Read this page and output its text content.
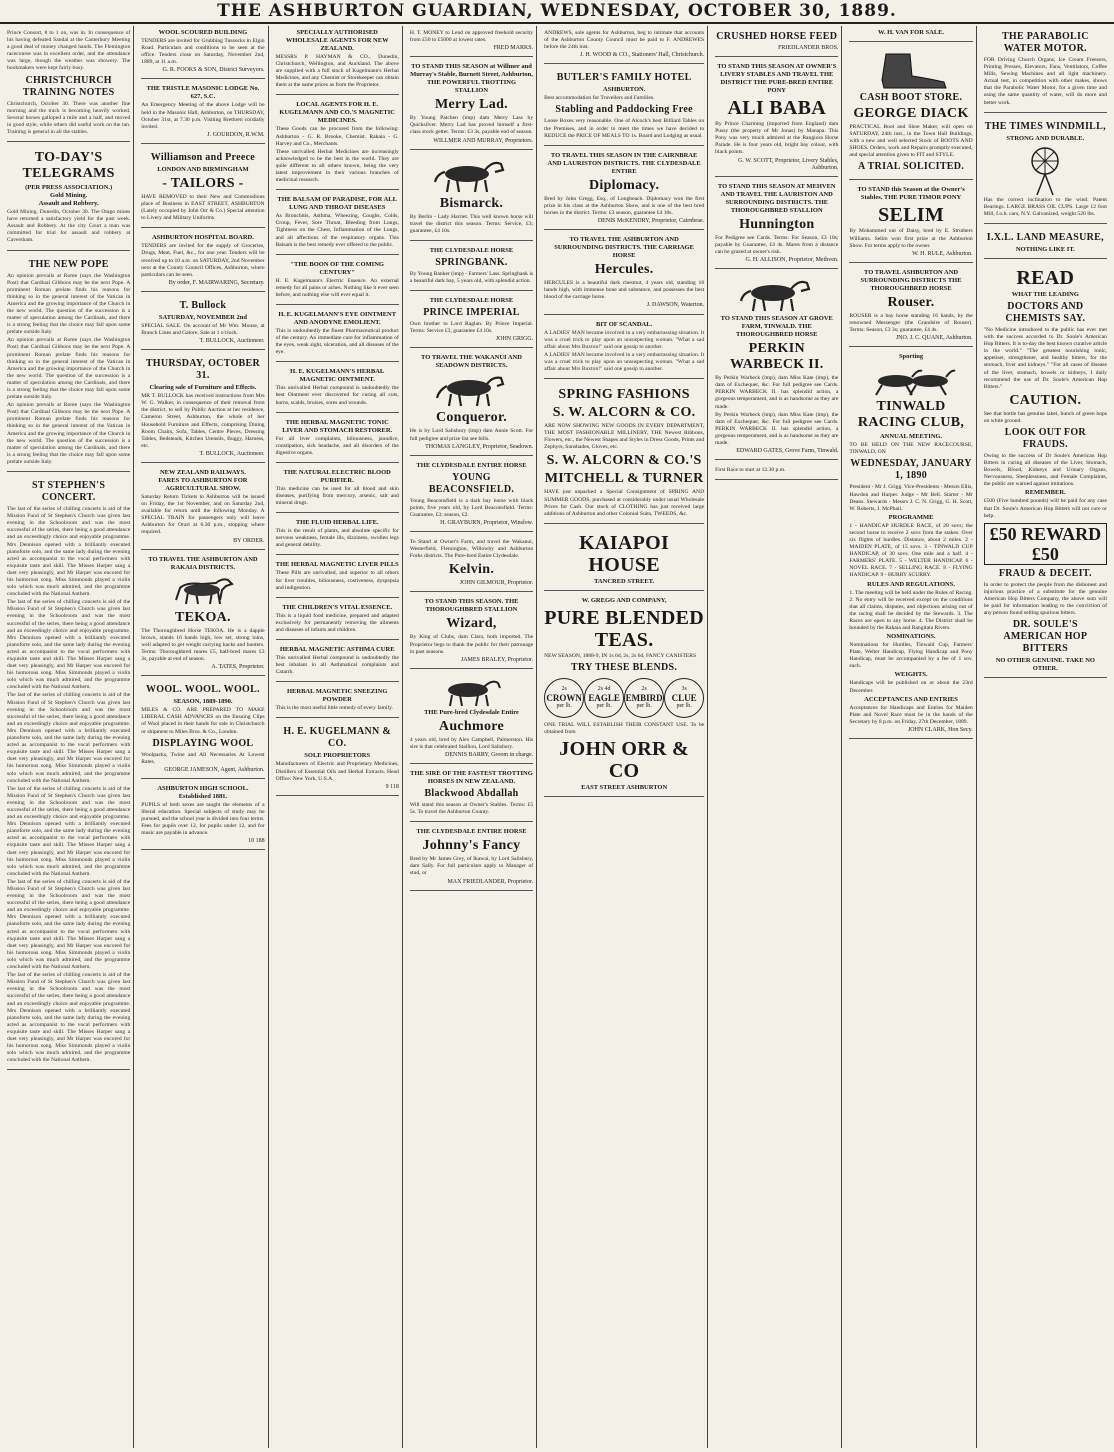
THE ASHBURTON GUARDIAN, WEDNESDAY, OCTOBER 30, 1889.

Prince Consort, 8 to 1 on, was in. In consequence of his having defeated Sandal at the Canterbury Meeting a good deal of money changed hands. The Flemington racecourse was in excellent order, and the attendance was large, though the weather was showery. The bookmakers were kept fairly busy.

CHRISTCHURCH TRAINING NOTES

Christchurch, October 30. There was another fine morning and the track is becoming heavily worked. Several horses galloped a mile and a half, and moved in good style, while others did useful work on the tan. Training is general in all the stables.

TO-DAY'S TELEGRAMS
(PER PRESS ASSOCIATION.)
Gold Mining.
Assault and Robbery.

Gold Mining. Dunedin, October 30. The Otago mines have returned a satisfactory yield for the past week. Assault and Robbery. At the city Court a man was committed for trial for assault and robbery at Caversham.

THE NEW POPE

An opinion prevails at Rome (says the Washington Post) that Cardinal Gibbons may be the next Pope. A prominent Roman prelate finds his reasons for thinking so in the general interest of the Vatican in America and the growing importance of the Church in the new world. The question of the succession is a matter of speculation among the Cardinals, and there is a strong feeling that the choice may fall upon some prelate outside Italy.

An opinion prevails at Rome (says the Washington Post) that Cardinal Gibbons may be the next Pope. A prominent Roman prelate finds his reasons for thinking so in the general interest of the Vatican in America and the growing importance of the Church in the new world. The question of the succession is a matter of speculation among the Cardinals, and there is a strong feeling that the choice may fall upon some prelate outside Italy.

An opinion prevails at Rome (says the Washington Post) that Cardinal Gibbons may be the next Pope. A prominent Roman prelate finds his reasons for thinking so in the general interest of the Vatican in America and the growing importance of the Church in the new world. The question of the succession is a matter of speculation among the Cardinals, and there is a strong feeling that the choice may fall upon some prelate outside Italy.

ST STEPHEN'S CONCERT.

The last of the series of chilling concerts is aid of the Mission Fund of St Stephen's Church was given last evening in the Schoolroom and was the most successful of the series, there being a good attendance and an exceedingly choice and enjoyable programme. Mrs Dennison opened with a brilliantly executed pianoforte solo, and the same lady during the evening acted as accompanist to the vocal performers with exquisite taste and skill. The Misses Harper sang a duet very pleasingly, and Mr Harper was encored for his humorous song. Miss Simmonds played a violin solo which was much admired, and the programme concluded with the National Anthem.

The last of the series of chilling concerts is aid of the Mission Fund of St Stephen's Church was given last evening in the Schoolroom and was the most successful of the series, there being a good attendance and an exceedingly choice and enjoyable programme. Mrs Dennison opened with a brilliantly executed pianoforte solo, and the same lady during the evening acted as accompanist to the vocal performers with exquisite taste and skill. The Misses Harper sang a duet very pleasingly, and Mr Harper was encored for his humorous song. Miss Simmonds played a violin solo which was much admired, and the programme concluded with the National Anthem.

The last of the series of chilling concerts is aid of the Mission Fund of St Stephen's Church was given last evening in the Schoolroom and was the most successful of the series, there being a good attendance and an exceedingly choice and enjoyable programme. Mrs Dennison opened with a brilliantly executed pianoforte solo, and the same lady during the evening acted as accompanist to the vocal performers with exquisite taste and skill. The Misses Harper sang a duet very pleasingly, and Mr Harper was encored for his humorous song. Miss Simmonds played a violin solo which was much admired, and the programme concluded with the National Anthem.

The last of the series of chilling concerts is aid of the Mission Fund of St Stephen's Church was given last evening in the Schoolroom and was the most successful of the series, there being a good attendance and an exceedingly choice and enjoyable programme. Mrs Dennison opened with a brilliantly executed pianoforte solo, and the same lady during the evening acted as accompanist to the vocal performers with exquisite taste and skill. The Misses Harper sang a duet very pleasingly, and Mr Harper was encored for his humorous song. Miss Simmonds played a violin solo which was much admired, and the programme concluded with the National Anthem.

The last of the series of chilling concerts is aid of the Mission Fund of St Stephen's Church was given last evening in the Schoolroom and was the most successful of the series, there being a good attendance and an exceedingly choice and enjoyable programme. Mrs Dennison opened with a brilliantly executed pianoforte solo, and the same lady during the evening acted as accompanist to the vocal performers with exquisite taste and skill. The Misses Harper sang a duet very pleasingly, and Mr Harper was encored for his humorous song. Miss Simmonds played a violin solo which was much admired, and the programme concluded with the National Anthem.

The last of the series of chilling concerts is aid of the Mission Fund of St Stephen's Church was given last evening in the Schoolroom and was the most successful of the series, there being a good attendance and an exceedingly choice and enjoyable programme. Mrs Dennison opened with a brilliantly executed pianoforte solo, and the same lady during the evening acted as accompanist to the vocal performers with exquisite taste and skill. The Misses Harper sang a duet very pleasingly, and Mr Harper was encored for his humorous song. Miss Simmonds played a violin solo which was much admired, and the programme concluded with the National Anthem.

WOOL SCOURED BUILDING

TENDERS are invited for Grubbing Tussocks in Elgin Road. Particulars and conditions to be seen at the office. Tenders close on Saturday, November 2nd, 1889, at 11 a.m.

G. R. FOOKS & SON, District Surveyors.
THE TRISTLE MASONIC LODGE No. 627, S.C.

An Emergency Meeting of the above Lodge will be held in the Masonic Hall, Ashburton, on THURSDAY, October 31st, at 7.30 p.m. Visiting Brethren cordially invited.

J. GOURDON, R.W.M.
Williamson and Preece
LONDON AND BIRMINGHAM
- TAILORS -

HAVE REMOVED to their New and Commodious place of Business in EAST STREET, ASHBURTON (Lately occupied by John Orr & Co.) Special attention to Livery and Military Uniforms.

ASHBURTON HOSPITAL BOARD.

TENDERS are invited for the supply of Groceries, Drugs, Meat, Fuel, &c., for one year. Tenders will be received up to 10 a.m. on SATURDAY, 2nd November next at the County Council Offices, Ashburton, where particulars can be seen.

By order, F. MAIRWARING, Secretary.
T. Bullock
SATURDAY, NOVEMBER 2nd

SPECIAL SALE. On account of Mr Wm. Mouse, at Branch Lines and Galore, Sale at 1 o'clock.

T. BULLOCK, Auctioneer.
THURSDAY, OCTOBER 31.
Clearing sale of Furniture and Effects.

MR T. BULLOCK has received instructions from Mrs W. G. Walker, in consequence of their removal from the district, to sell by Public Auction at her residence, Cameron Street, Ashburton, the whole of her Household Furniture and Effects, comprising Dining Room Chairs, Sofa, Tables, Centre Pieces, Dressing Tables, Bedsteads, Kitchen Utensils, Buggy, Harness, etc.

T. BULLOCK, Auctioneer.
NEW ZEALAND RAILWAYS.
FARES TO ASHBURTON FOR AGRICULTURAL SHOW.

Saturday Return Tickets to Ashburton will be issued on Friday, the 1st November, and on Saturday 2nd, available for return until the following Monday. A SPECIAL TRAIN for passengers only will leave Ashburton for Orari at 6.30 p.m., stopping where required.

BY ORDER.
TO TRAVEL THE ASHBURTON AND RAKAIA DISTRICTS.
TEKOA.

The Thoroughbred Horse TEKOA. He is a dapple brown, stands 16 hands high, low set, strong loins, well adapted to get weight carrying hacks and hunters. Terms: Thoroughbred mares £5, half-bred mares £3 3s, payable at end of season.

A. TATES, Proprietor.
WOOL. WOOL. WOOL.
SEASON, 1889-1890.

MILES & CO. ARE PREPARED TO MAKE LIBERAL CASH ADVANCES on the Ensuing Clips of Wool placed in their hands for sale in Christchurch or shipment to Miles Bros. & Co., London.

DISPLAYING WOOL

Woolpacks, Twine and All Necessaries At Lowest Rates.

GEORGE JAMESON, Agent, Ashburton.
ASHBURTON HIGH SCHOOL.
Established 1881.

PUPILS of both sexes are taught the elements of a liberal education. Special subjects of study may be pursued, and the school year is divided into four terms. Fees for pupils over 12, for pupils under 12, and for music are payable in advance.

10 188
SPECIALLY AUTHORISED WHOLESALE AGENTS FOR NEW ZEALAND.

MESSRS P. HAYMAN & CO., Dunedin, Christchurch, Wellington, and Auckland. The above are supplied with a full stock of Kugelmann's Herbal Medicines, and any Chemist or Storekeeper can obtain them at the same prices as from the Proprietor.

LOCAL AGENTS FOR H. E. KUGELMANN AND CO.'S MAGNETIC MEDICINES.

These Goods can be procured from the following: Ashburton - G. R. Brooke, Chemist. Rakaia - G. Harvey and Co., Merchants.

These unrivalled Herbal Medicines are increasingly acknowledged to be the best in the world. They are quite different to all others known, being the very latest improvement in their various branches of medicinal research.

THE BALSAM OF PARADISE, FOR ALL LUNG AND THROAT DISEASES

As Bronchitis, Asthma, Wheezing, Coughs, Colds, Croup, Fever, Sore Throat, Bleeding from Lungs, Tightness on the Chest, Inflammation of the Lungs, and all affections of the respiratory organs. This Balsam is the best remedy ever offered to the public.

"THE BOON OF THE COMING CENTURY"

H. E. Kugelmann's Electric Essence. An external remedy for all pains or aches. Nothing like it ever seen before, and nothing else will ever equal it.

H. E. KUGELMANN'S EYE OINTMENT AND ANODYNE EMOLIENT.

This is undoubtedly the finest Pharmaceutical product of the century. An immediate cure for inflammation of the eyes, weak sight, ulceration, and all diseases of the eye.

H. E. KUGELMANN'S HERBAL MAGNETIC OINTMENT.

This unrivalled Herbal compound is undoubtedly the best Ointment ever discovered for curing all cuts, burns, scalds, bruises, sores and wounds.

THE HERBAL MAGNETIC TONIC LIVER AND STOMACH RESTORER.

For all liver complaints, biliousness, jaundice, constipation, sick headache, and all disorders of the digestive organs.

THE NATURAL ELECTRIC BLOOD PURIFIER.

This medicine can be used for all blood and skin diseases, purifying from mercury, arsenic, salt and mineral drugs.

THE FLUID HERBAL LIFE.

This is the result of plants, and absolute specific for nervous weakness, female ills, dizziness, swollen legs and general debility.

THE HERBAL MAGNETIC LIVER PILLS

These Pills are unrivalled, and superior to all others for liver troubles, biliousness, costiveness, dyspepsia and indigestion.

THE CHILDREN'S VITAL ESSENCE.

This is a liquid food medicine, prepared and adapted exclusively for permanently removing the ailments and diseases of infants and children.

HERBAL MAGNETIC ASTHMA CURE

This unrivalled Herbal compound is undoubtedly the best inhalant in all Asthmatical complaints and Catarrh.

HERBAL MAGNETIC SNEEZING POWDER

This is the most useful little remedy of every family.

H. E. KUGELMANN & CO.
SOLE PROPRIETORS

Manufacturers of Electric and Proprietary Medicines, Distillers of Essential Oils and Herbal Extracts. Head Office: New York, U.S.A.

9 118

H. T. MONEY to Lend on approved freehold security from £50 to £5000 at lowest rates.

FRED MARKS.
TO STAND THIS SEASON at Willmer and Murray's Stable, Burnett Street, Ashburton, THE POWERFUL TROTTING STALLION
Merry Lad.

By Young Patchen (imp) dam Merry Lass by Quicksilver. Merry Lad has proved himself a first-class stock getter. Terms: £3 3s, payable end of season.

WILLMER AND MURRAY, Proprietors.
Bismarck.

By Berlin - Lady Harriet. This well known horse will travel the district this season. Terms: Service, £3; guarantee, £4 10s.

THE CLYDESDALE HORSE
SPRINGBANK.

By Young Banker (imp) - Farmers' Lass. Springbank is a beautiful dark bay, 5 years old, with splendid action.

THE CLYDESDALE HORSE
PRINCE IMPERIAL

Own brother to Lord Raglan. By Prince Imperial. Terms: Service £3, guarantee £4 10s.

JOHN GRIGG.
TO TRAVEL THE WAKANUI AND SEADOWN DISTRICTS.
Conqueror.

He is by Lord Salisbury (imp) dam Annie Scott. For full pedigree and prize list see bills.

THOMAS LANGLEY, Proprietor, Seadown.
THE CLYDESDALE ENTIRE HORSE
YOUNG BEACONSFIELD.

Young Beaconsfield is a dark bay horse with black points, five years old, by Lord Beaconsfield. Terms: Guarantee, £3; season, £2.

H. GRAYBURN, Proprietor, Winslow.

To Stand at Owner's Farm, and travel the Wakanui, Westerfield, Flemington, Willowby and Ashburton Forks districts. The Pure-bred Entire Clydesdale.

Kelvin.
JOHN GILMOUR, Proprietor.
TO STAND THIS SEASON. THE THOROUGHBRED STALLION
Wizard,

By King of Clubs, dam Clara, both imported. The Proprietor begs to thank the public for their patronage in past seasons.

JAMES BRALEY, Proprietor.
THE Pure-bred Clydesdale Entire
Auchmore

4 years old, bred by Alex Campbell, Palmerston. His sire is that celebrated Stallion, Lord Salisbury.

DENNIS BARRY, Groom in charge.
THE SIRE OF THE FASTEST TROTTING HORSES IN NEW ZEALAND.
Blackwood Abdallah

Will stand this season at Owner's Stables. Terms: £5 5s. To travel the Ashburton County.

THE CLYDESDALE ENTIRE HORSE
Johnny's Fancy

Bred by Mr James Grey, of Ikawai, by Lord Salisbury, dam Sally. For full particulars apply to Manager of stud, or

MAX FRIEDLANDER, Proprietor.

ANDREWS, sole agents for Ashburton, beg to intimate that accounts of the Ashburton County Council must be paid to F. ANDREWES before the 24th inst.

J. H. WOOD & CO., Stationers' Hall, Christchurch.
BUTLER'S FAMILY HOTEL
ASHBURTON.

Best accommodation for Travellers and Families.

Stabling and Paddocking Free

Loose Boxes very reasonable. One of Alcock's best Billiard Tables on the Premises, and in order to meet the times we have decided to REDUCE the PRICE OF MEALS TO 1s. Board and Lodging as usual.

TO TRAVEL THIS SEASON IN THE CAIRNBRAE AND LAURISTON DISTRICTS. THE CLYDESDALE ENTIRE
Diplomacy.

Bred by John Gregg, Esq., of Longbeach. Diplomacy won the first prize in his class at the Ashburton Show, and is one of the best bred horses in the district. Terms: £3 season, guarantee £4 10s.

DENIS McKENDRY, Proprietor, Cairnbrae.
TO TRAVEL THE ASHBURTON AND SURROUNDING DISTRICTS. THE CARRIAGE HORSE
Hercules.

HERCULES is a beautiful dark chestnut, 4 years old, standing 16 hands high, with immense bone and substance, and possesses the best blood of the carriage horse.

J. DAWSON, Waterton.
BIT OF SCANDAL.

A LADIES' MAN became involved in a very embarrassing situation. It was a cruel trick to play upon an unsuspecting woman. "What a sad affair about Mrs Buxton!" said one gossip to another.

A LADIES' MAN became involved in a very embarrassing situation. It was a cruel trick to play upon an unsuspecting woman. "What a sad affair about Mrs Buxton!" said one gossip to another.

SPRING FASHIONS
S. W. ALCORN & CO.

ARE NOW SHOWING NEW GOODS IN EVERY DEPARTMENT, THE MOST FASHIONABLE MILLINERY, THE Newest Ribbons, Flowers, etc., the Newest Shapes and Styles in Dress Goods, Prints and Zephyrs, Sunshades, Gloves, etc.

S. W. ALCORN & CO.'S
MITCHELL & TURNER

HAVE just unpacked a Special Consignment of SPRING AND SUMMER GOODS, purchased at considerably under usual Wholesale Prices for Cash. Our stock of CLOTHING has just received large additions of Ashburton and other Colonial Suits, TWEEDS, &c.

KAIAPOI HOUSE
TANCRED STREET.
W. GREGG AND COMPANY,
PURE BLENDED TEAS.

NEW SEASON, 1888-9, IN 1s 6d, 2s, 2s 6d, FANCY CANISTERS

TRY THESE BLENDS.
2s
CROWN
per lb.
2s 4d
EAGLE
per lb.
2s
EMBIRD
per lb.
3s
CLUE
per lb.

ONE TRIAL WILL ESTABLISH THEIR CONSTANT USE. To be obtained from

JOHN ORR & CO
EAST STREET ASHBURTON
CRUSHED HORSE FEED
FRIEDLANDER BROS.
TO STAND THIS SEASON AT OWNER'S LIVERY STABLES AND TRAVEL THE DISTRICT THE PURE-BRED ENTIRE PONY
ALI BABA

By Prince Charming (imported from England) dam Pussy (the property of Mr Jonas) by Manapa. This Pony was very much admired at the Rangiora Horse Parade. He is four years old, bright bay colour, with black points.

G. W. SCOTT, Proprietor, Livery Stables, Ashburton.
TO STAND THIS SEASON AT MEHVEN AND TRAVEL THE LAURISTON AND SURROUNDING DISTRICTS. THE THOROUGHBRED STALLION
Hunnington

For Pedigree see Cards. Terms: For Season, £3 10s; payable by Guarantee, £4 4s. Mares from a distance can be grazed at owner's risk.

G. H. ALLISON, Proprietor, Methven.
TO STAND THIS SEASON AT GROVE FARM, TINWALD. THE THOROUGHBRED HORSE
PERKIN WARBECK II.

By Perkin Warbeck (imp), dam Miss Kate (imp), the dam of Exchequer, &c. For full pedigree see Cards. PERKIN WARBECK II. has splendid action, a gorgeous temperament, and is as handsome as they are made.

By Perkin Warbeck (imp), dam Miss Kate (imp), the dam of Exchequer, &c. For full pedigree see Cards. PERKIN WARBECK II. has splendid action, a gorgeous temperament, and is as handsome as they are made.

EDWARD GATES, Grove Farm, Tinwald.

First Race to start at 12.30 p.m.

W. H. VAN FOR SALE.
CASH BOOT STORE.
GEORGE DIACK

PRACTICAL Boot and Shoe Maker, will open on SATURDAY, 24th inst., in the Town Hall Buildings, with a new and well selected Stock of BOOTS AND SHOES. Orders, work and Repairs promptly executed, and special attention given to FIT and STYLE.

A TRIAL SOLICITED.
TO STAND this Season at the Owner's Stables. THE PURE TIMOR PONY
SELIM

By Mohammed out of Daisy, bred by E. Struthers Williams. Selim won first prize at the Ashburton Show. For terms apply to the owner.

W. H. RULE, Ashburton.
TO TRAVEL ASHBURTON AND SURROUNDING DISTRICTS THE THOROUGHBRED HORSE
Rouser.

ROUSER is a bay horse standing 16 hands, by the renowned Messenger (the Grandsire of Rouser). Terms: Season, £3 3s; guarantee, £4 4s.

JNO. J. C. QUANE, Ashburton.
Sporting
TINWALD RACING CLUB,
ANNUAL MEETING.

TO BE HELD ON THE NEW RACECOURSE, TINWALD, ON

WEDNESDAY, JANUARY 1, 1890

President - Mr J. Grigg. Vice-Presidents - Messrs Ellis, Hawdon and Harper. Judge - Mr Bell. Starter - Mr Deans. Stewards - Messrs J. C. N. Grigg, G. H. Scott, W. Roberts, J. McPhail.

PROGRAMME

1 - HANDICAP HURDLE RACE, of 20 sovs; the second horse to receive 2 sovs from the stakes. Over six flights of hurdles. Distance, about 2 miles. 2 - MAIDEN PLATE, of 15 sovs. 3 - TINWALD CUP HANDICAP, of 30 sovs. One mile and a half. 4 - FARMERS' PLATE. 5 - WELTER HANDICAP. 6 - NOVEL RACE. 7 - SELLING RACE. 8 - FLYING HANDICAP. 9 - HURRY SCURRY.

RULES AND REGULATIONS.

1. The meeting will be held under the Rules of Racing. 2. No entry will be received except on the conditions that all claims, disputes, and objections arising out of the racing shall be decided by the Stewards. 3. The Races are open to any horse. 4. The District shall be bounded by the Rakaia and Rangitata Rivers.

NOMINATIONS.

Nominations for Hurdles, Tinwald Cup, Farmers' Plate, Welter Handicap, Flying Handicap and Pony Handicap, must be accompanied by a fee of 1 sov. each.

WEIGHTS.

Handicaps will be published on or about the 23rd December.

ACCEPTANCES AND ENTRIES

Acceptances for Handicaps and Entries for Maiden Plate and Novel Race must be in the hands of the Secretary by 8 p.m. on Friday, 27th December, 1889.

JOHN CLARK, Hon Secy.
THE PARABOLIC WATER MOTOR.

FOR Driving Church Organs, Ice Cream Freezers, Printing Presses, Elevators, Fans, Ventilators, Coffee Mills, Sewing Machines and all light machinery. Actual test, in competition with other makes, shows that the Parabolic Water Motor, for a given time and using the same quantity of water, will do more and better work.

THE TIMES WINDMILL,
STRONG AND DURABLE.

Has the correct inclination to the wind. Patent Bearings. LARGE BRASS OIL CUPS. Large 12 foot Mill, f.o.b. cars, N.Y. Galvanized, weight 520 lbs.

I.X.L. LAND MEASURE,
NOTHING LIKE IT.
READ
WHAT THE LEADING
DOCTORS AND CHEMISTS SAY.

"No Medicine introduced to the public has ever met with the success accorded to Dr. Soule's American Hop Bitters. It is to-day the best known curative article in the world." "The greatest nourishing tonic, appetiser, strengthener, and healthy bitters, for the stomach, liver and kidneys." "For all cases of disease of the liver, stomach, bowels or kidneys, I daily recommend the use of Dr. Soule's American Hop Bitters."

CAUTION.

See that bottle has genuine label, bunch of green hops on white ground.

LOOK OUT FOR FRAUDS.

Owing to the success of Dr Soule's American Hop Bitters in curing all diseases of the Liver, Stomach, Bowels, Blood, Kidneys and Urinary Organs, Nervousness, Sleeplessness, and Female Complaints, the public are warned against imitations.

REMEMBER.

£500 (Five hundred pounds) will be paid for any case that Dr. Soule's American Hop Bitters will not cure or help.

£50 REWARD £50
FRAUD & DECEIT.

In order to protect the people from the dishonest and injurious practice of a substitute for the genuine American Hop Bitters Company, the above sum will be paid for information leading to the conviction of any person found selling spurious bitters.

DR. SOULE'S AMERICAN HOP BITTERS
NO OTHER GENUINE. TAKE NO OTHER.
